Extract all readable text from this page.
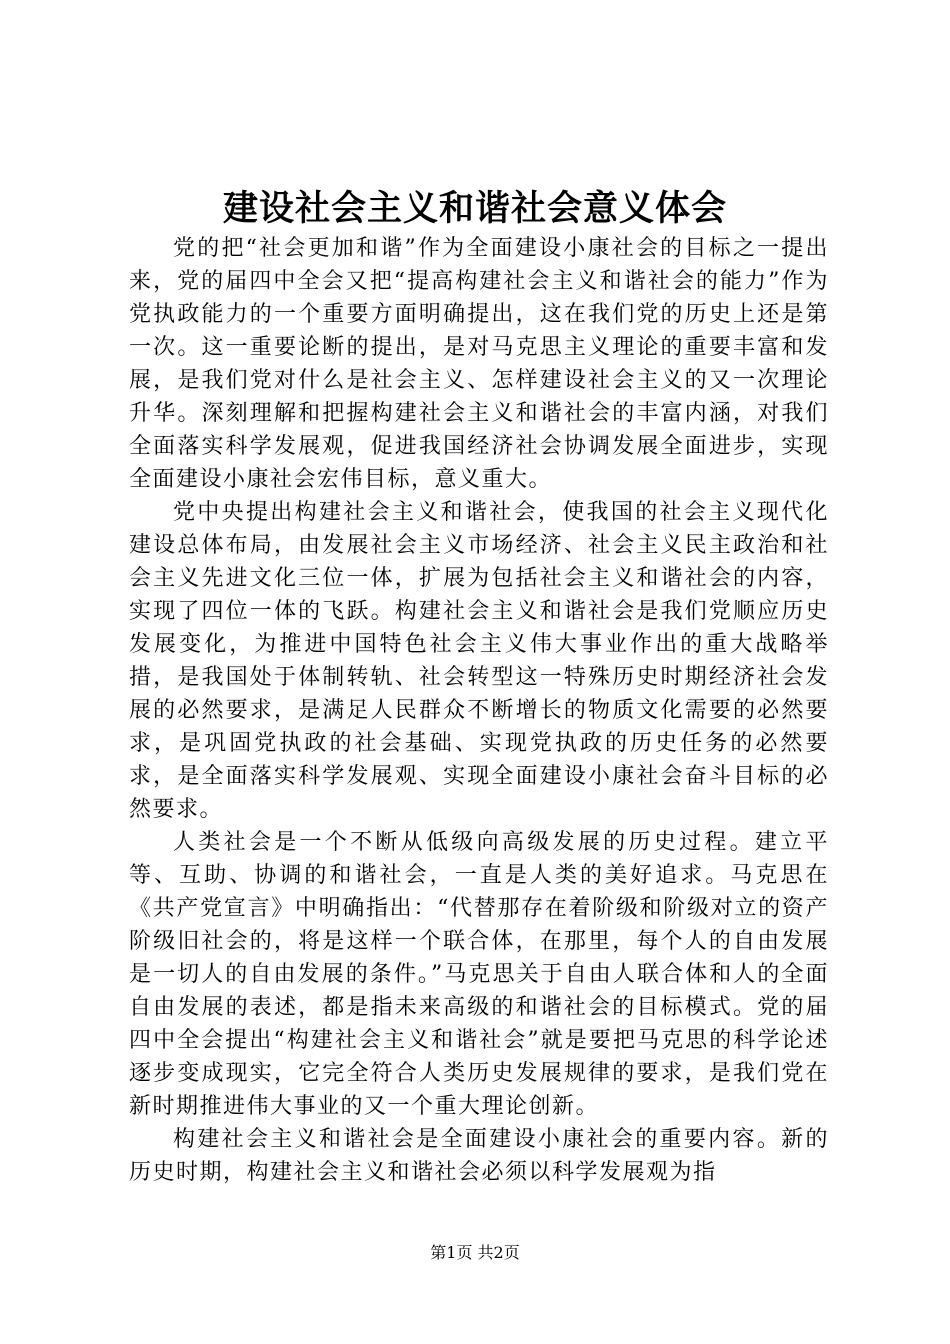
建设社会主义和谐社会意义体会

党的把“社会更加和谐”作为全面建设小康社会的目标之一提出来，党的届四中全会又把“提高构建社会主义和谐社会的能力”作为党执政能力的一个重要方面明确提出，这在我们党的历史上还是第一次。这一重要论断的提出，是对马克思主义理论的重要丰富和发展，是我们党对什么是社会主义、怎样建设社会主义的又一次理论升华。深刻理解和把握构建社会主义和谐社会的丰富内涵，对我们全面落实科学发展观，促进我国经济社会协调发展全面进步，实现全面建设小康社会宏伟目标，意义重大。

党中央提出构建社会主义和谐社会，使我国的社会主义现代化建设总体布局，由发展社会主义市场经济、社会主义民主政治和社会主义先进文化三位一体，扩展为包括社会主义和谐社会的内容，实现了四位一体的飞跃。构建社会主义和谐社会是我们党顺应历史发展变化，为推进中国特色社会主义伟大事业作出的重大战略举措，是我国处于体制转轨、社会转型这一特殊历史时期经济社会发展的必然要求，是满足人民群众不断增长的物质文化需要的必然要求，是巩固党执政的社会基础、实现党执政的历史任务的必然要求，是全面落实科学发展观、实现全面建设小康社会奋斗目标的必然要求。

人类社会是一个不断从低级向高级发展的历史过程。建立平等、互助、协调的和谐社会，一直是人类的美好追求。马克思在《共产党宣言》中明确指出：“代替那存在着阶级和阶级对立的资产阶级旧社会的，将是这样一个联合体，在那里，每个人的自由发展是一切人的自由发展的条件。”马克思关于自由人联合体和人的全面自由发展的表述，都是指未来高级的和谐社会的目标模式。党的届四中全会提出“构建社会主义和谐社会”就是要把马克思的科学论述逐步变成现实，它完全符合人类历史发展规律的要求，是我们党在新时期推进伟大事业的又一个重大理论创新。

构建社会主义和谐社会是全面建设小康社会的重要内容。新的历史时期，构建社会主义和谐社会必须以科学发展观为指

第1页 共2页
